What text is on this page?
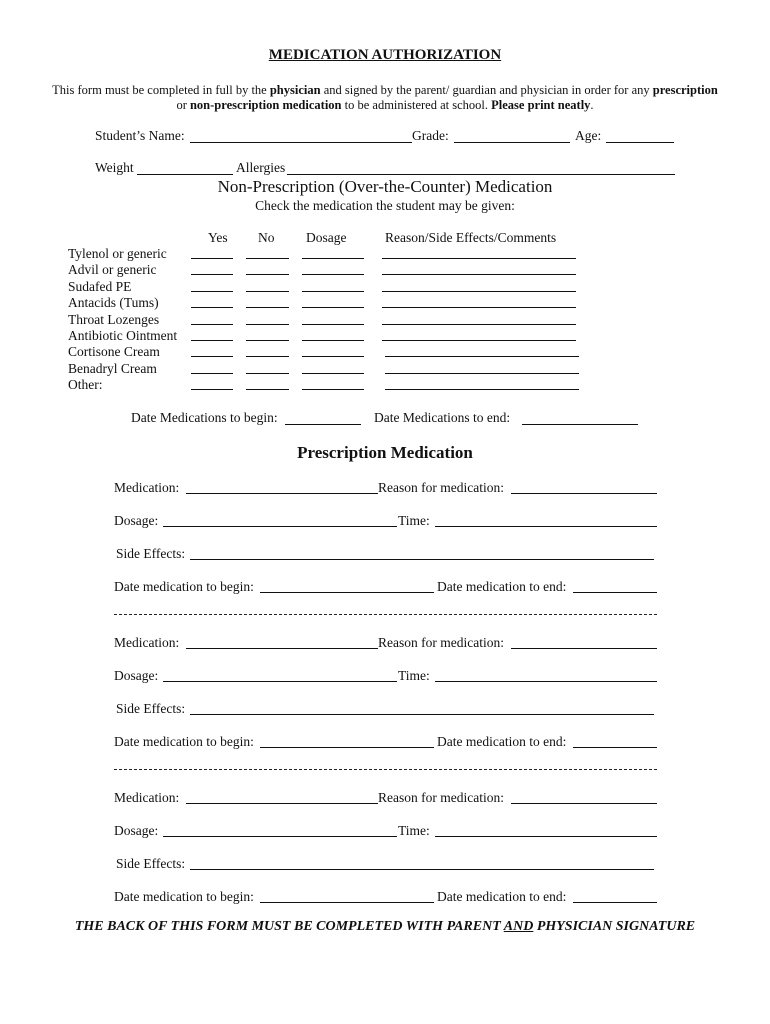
MEDICATION AUTHORIZATION
This form must be completed in full by the physician and signed by the parent/ guardian and physician in order for any prescription
or non-prescription medication to be administered at school. Please print neatly.
Student’s Name:	Grade:	Age:
Weight	Allergies
Non-Prescription (Over-the-Counter) Medication
Check the medication the student may be given:
Yes No Dosage	Reason/Side Effects/Comments
Tylenol or generic
Advil or generic
Sudafed PE
Antacids (Tums)
Throat Lozenges
Antibiotic Ointment
Cortisone Cream
Benadryl Cream
Other:
Date Medications to begin:	Date Medications to end:
Prescription Medication
Medication:	Reason for medication:
Dosage:	Time:
Side Effects:
Date medication to begin:	Date medication to end:
Medication:	Reason for medication:
Dosage:	Time:
Side Effects:
Date medication to begin:	Date medication to end:
Medication:	Reason for medication:
Dosage:	Time:
Side Effects:
Date medication to begin:	Date medication to end:
THE BACK OF THIS FORM MUST BE COMPLETED WITH PARENT AND PHYSICIAN SIGNATURE
